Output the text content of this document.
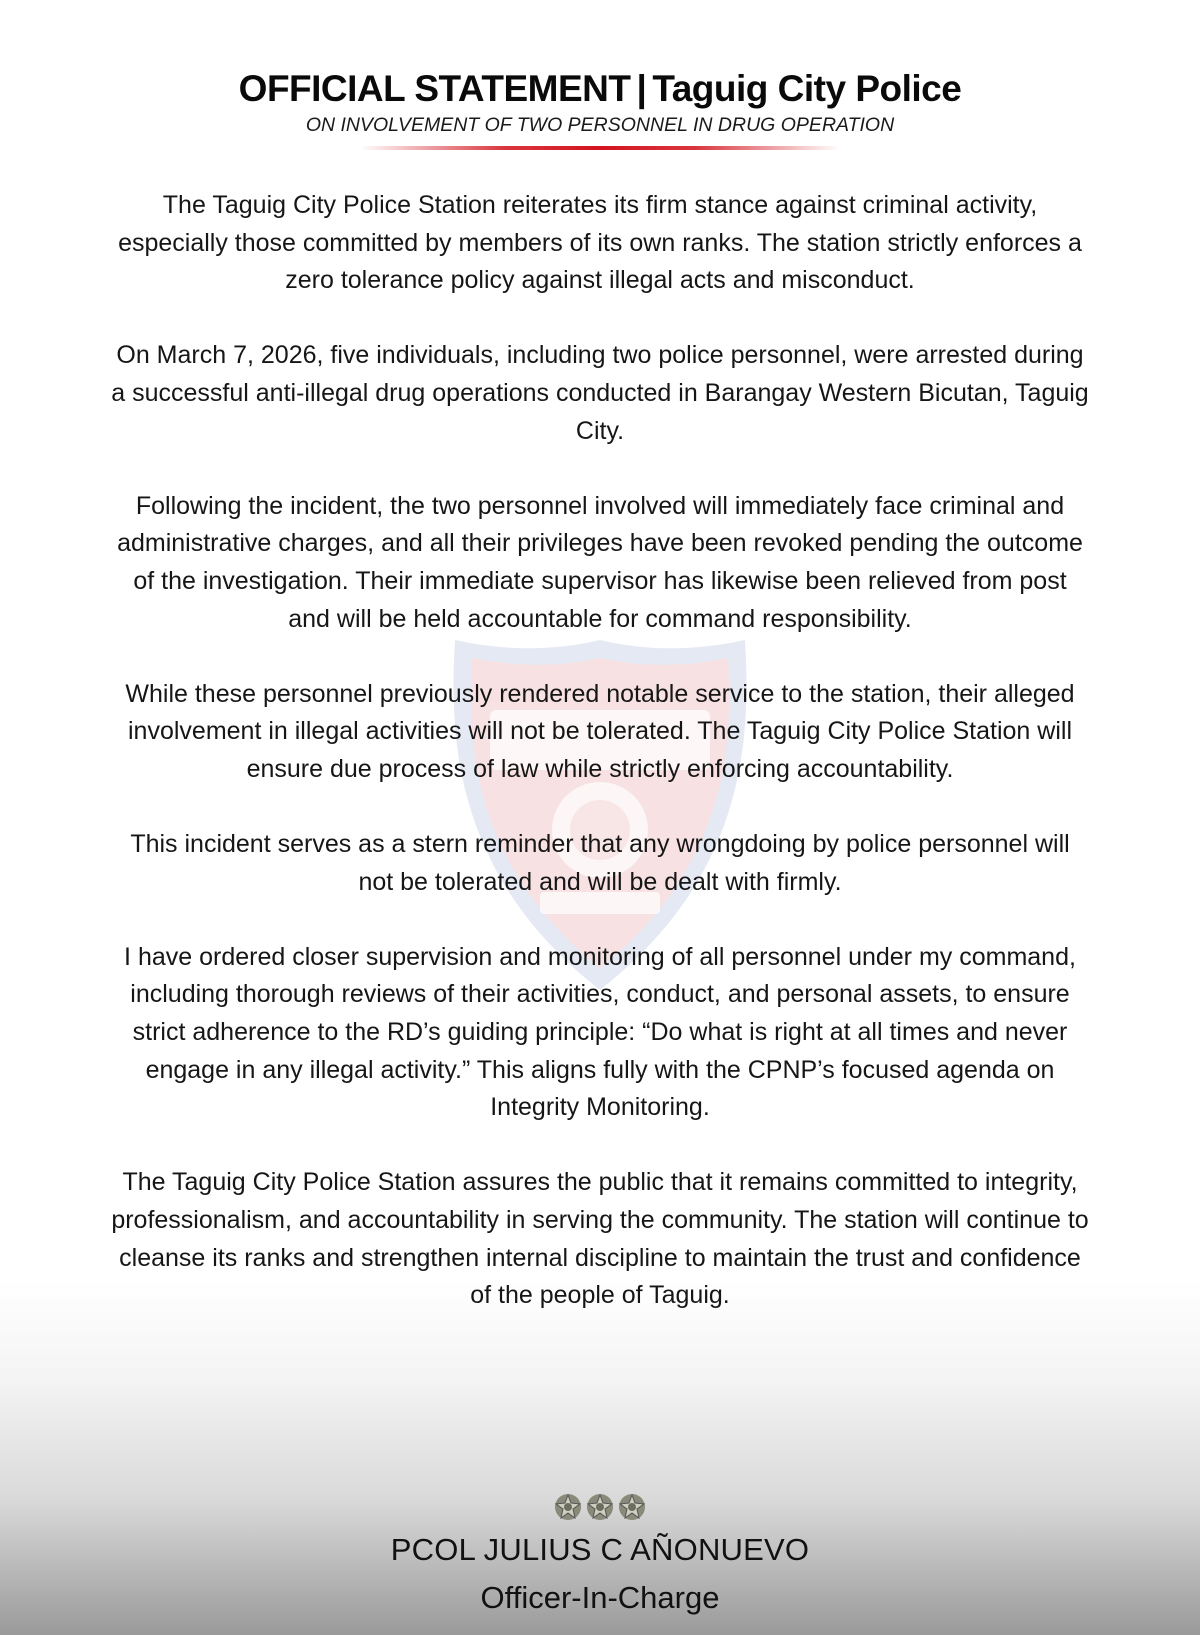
OFFICIAL STATEMENT | Taguig City Police
ON INVOLVEMENT OF TWO PERSONNEL IN DRUG OPERATION

The Taguig City Police Station reiterates its firm stance against criminal activity, especially those committed by members of its own ranks. The station strictly enforces a zero tolerance policy against illegal acts and misconduct.

On March 7, 2026, five individuals, including two police personnel, were arrested during a successful anti-illegal drug operations conducted in Barangay Western Bicutan, Taguig City.

Following the incident, the two personnel involved will immediately face criminal and administrative charges, and all their privileges have been revoked pending the outcome of the investigation. Their immediate supervisor has likewise been relieved from post and will be held accountable for command responsibility.

While these personnel previously rendered notable service to the station, their alleged involvement in illegal activities will not be tolerated. The Taguig City Police Station will ensure due process of law while strictly enforcing accountability.

This incident serves as a stern reminder that any wrongdoing by police personnel will not be tolerated and will be dealt with firmly.

I have ordered closer supervision and monitoring of all personnel under my command, including thorough reviews of their activities, conduct, and personal assets, to ensure strict adherence to the RD’s guiding principle: “Do what is right at all times and never engage in any illegal activity.” This aligns fully with the CPNP’s focused agenda on Integrity Monitoring.

The Taguig City Police Station assures the public that it remains committed to integrity, professionalism, and accountability in serving the community. The station will continue to cleanse its ranks and strengthen internal discipline to maintain the trust and confidence of the people of Taguig.

PCOL JULIUS C AÑONUEVO
Officer-In-Charge
